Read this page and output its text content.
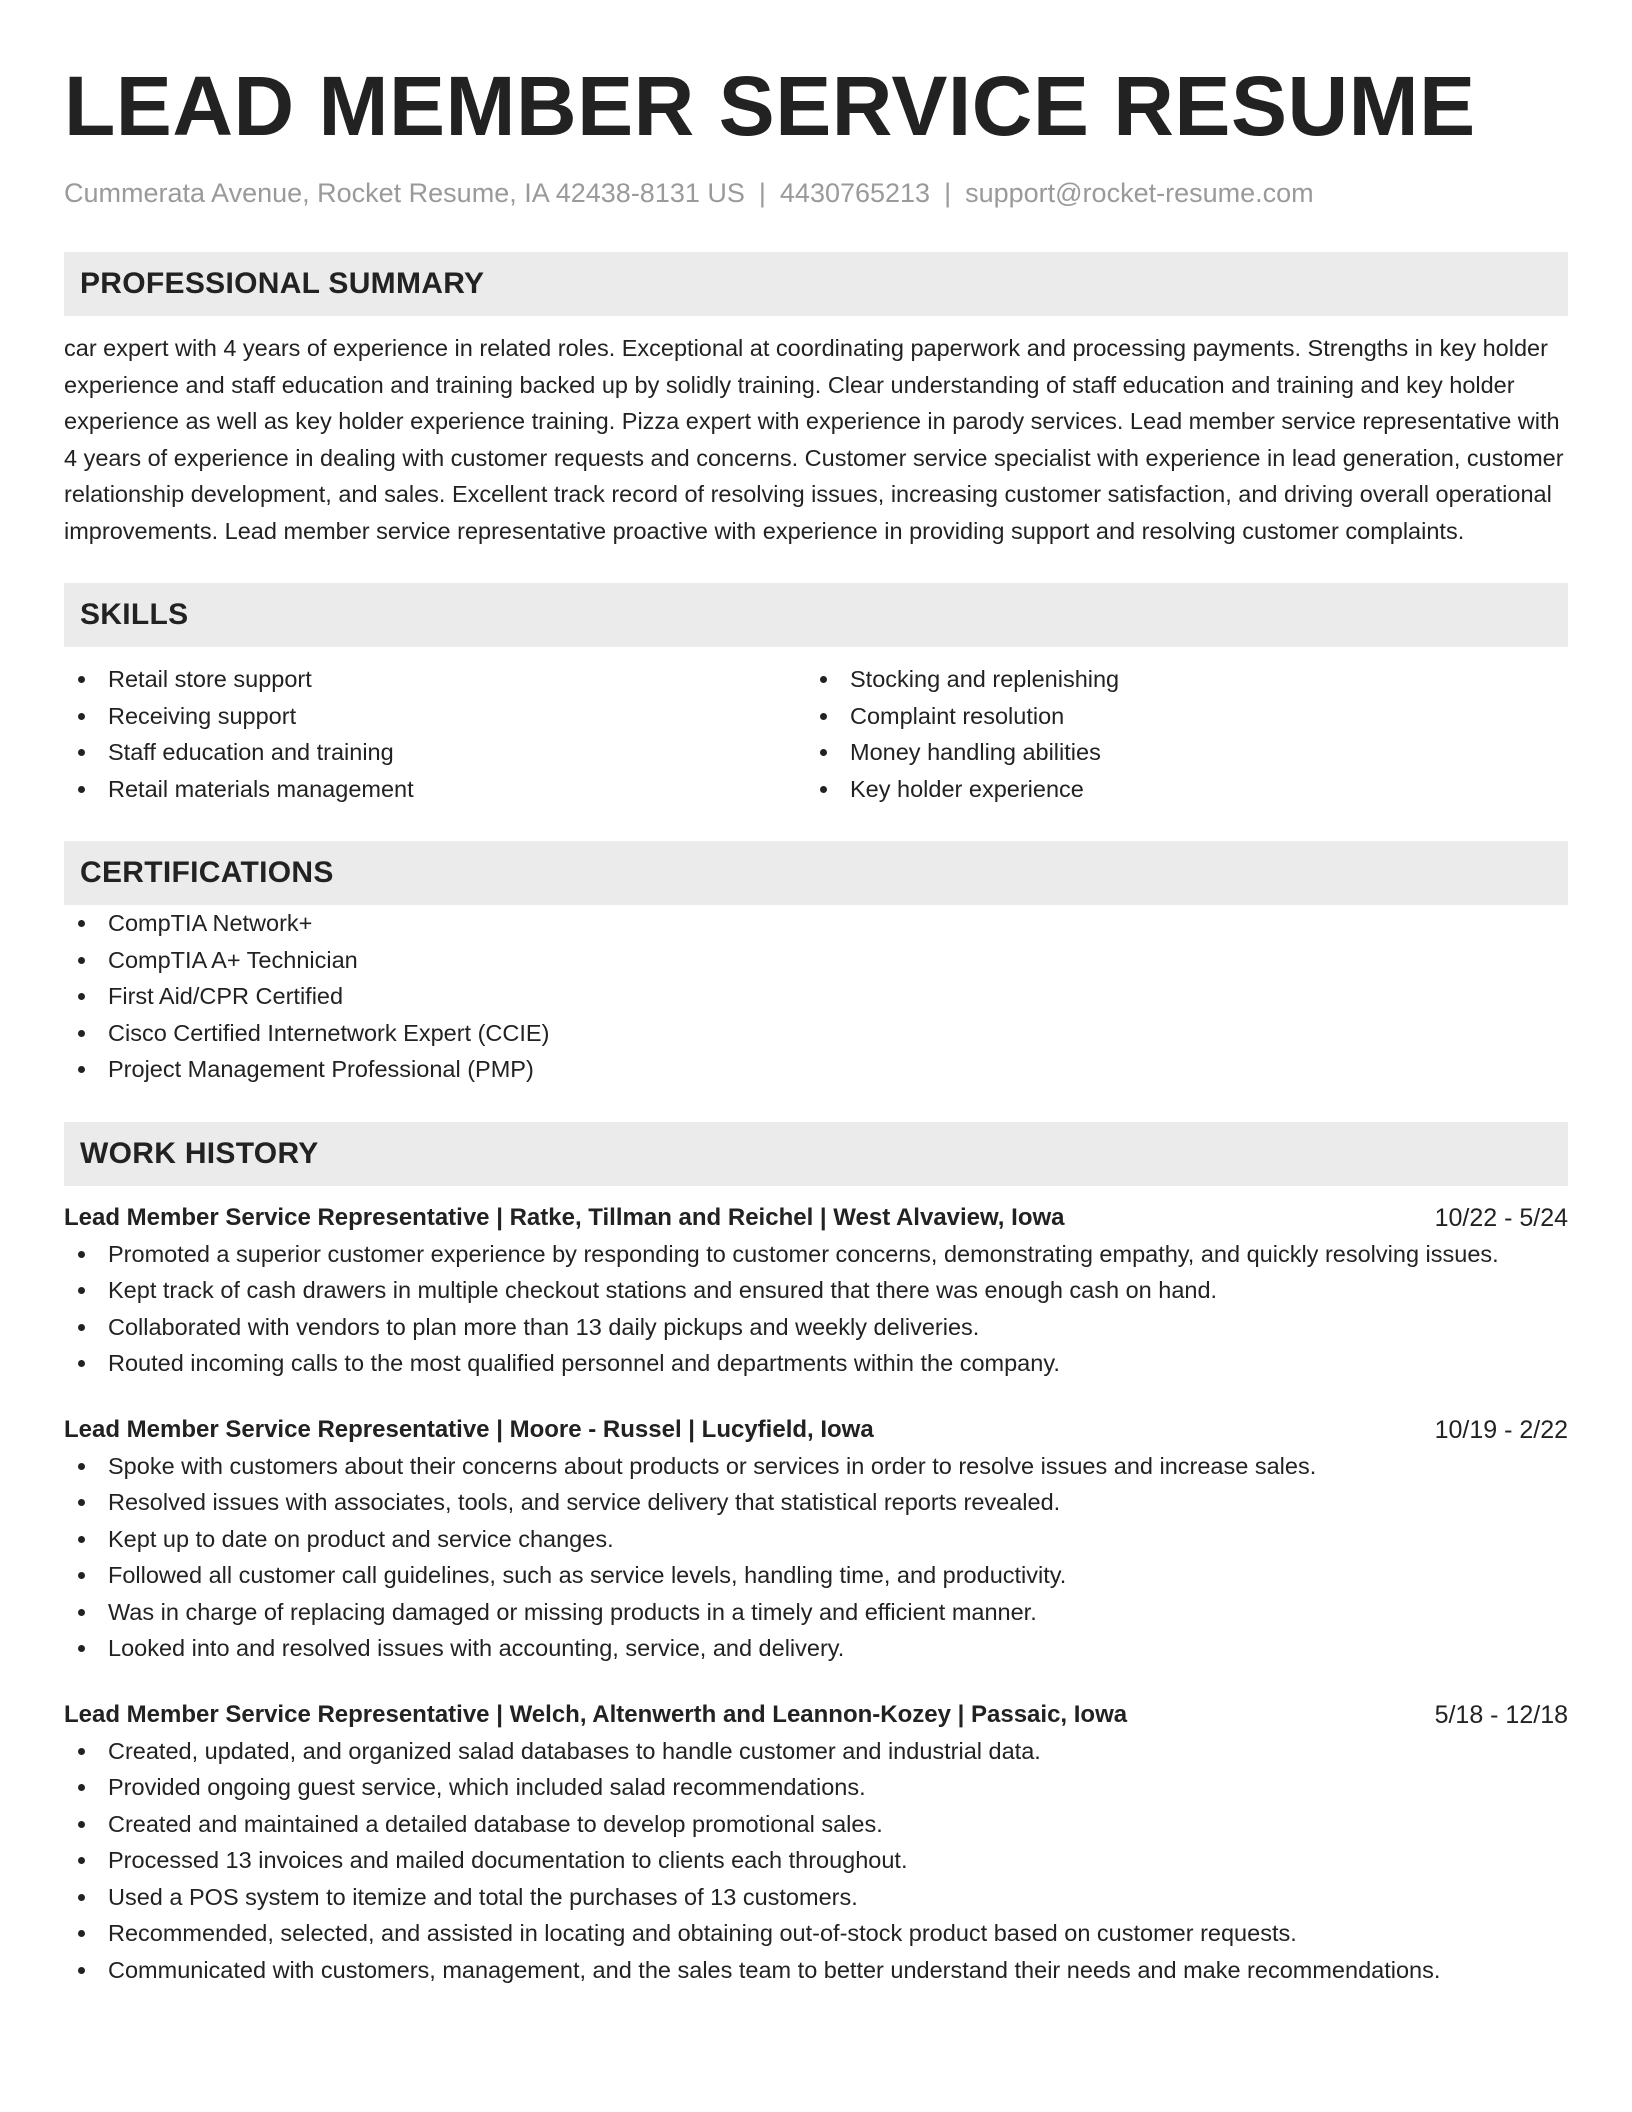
LEAD MEMBER SERVICE RESUME
Cummerata Avenue, Rocket Resume, IA 42438-8131 US | 4430765213 | support@rocket-resume.com
PROFESSIONAL SUMMARY

car expert with 4 years of experience in related roles. Exceptional at coordinating paperwork and processing payments. Strengths in key holder experience and staff education and training backed up by solidly training. Clear understanding of staff education and training and key holder experience as well as key holder experience training. Pizza expert with experience in parody services. Lead member service representative with 4 years of experience in dealing with customer requests and concerns. Customer service specialist with experience in lead generation, customer relationship development, and sales. Excellent track record of resolving issues, increasing customer satisfaction, and driving overall operational improvements. Lead member service representative proactive with experience in providing support and resolving customer complaints.

SKILLS
Retail store support
Receiving support
Staff education and training
Retail materials management
Stocking and replenishing
Complaint resolution
Money handling abilities
Key holder experience
CERTIFICATIONS
CompTIA Network+
CompTIA A+ Technician
First Aid/CPR Certified
Cisco Certified Internetwork Expert (CCIE)
Project Management Professional (PMP)
WORK HISTORY
Lead Member Service Representative | Ratke, Tillman and Reichel | West Alvaview, Iowa	10/22 - 5/24
Promoted a superior customer experience by responding to customer concerns, demonstrating empathy, and quickly resolving issues.
Kept track of cash drawers in multiple checkout stations and ensured that there was enough cash on hand.
Collaborated with vendors to plan more than 13 daily pickups and weekly deliveries.
Routed incoming calls to the most qualified personnel and departments within the company.
Lead Member Service Representative | Moore - Russel | Lucyfield, Iowa	10/19 - 2/22
Spoke with customers about their concerns about products or services in order to resolve issues and increase sales.
Resolved issues with associates, tools, and service delivery that statistical reports revealed.
Kept up to date on product and service changes.
Followed all customer call guidelines, such as service levels, handling time, and productivity.
Was in charge of replacing damaged or missing products in a timely and efficient manner.
Looked into and resolved issues with accounting, service, and delivery.
Lead Member Service Representative | Welch, Altenwerth and Leannon-Kozey | Passaic, Iowa	5/18 - 12/18
Created, updated, and organized salad databases to handle customer and industrial data.
Provided ongoing guest service, which included salad recommendations.
Created and maintained a detailed database to develop promotional sales.
Processed 13 invoices and mailed documentation to clients each throughout.
Used a POS system to itemize and total the purchases of 13 customers.
Recommended, selected, and assisted in locating and obtaining out-of-stock product based on customer requests.
Communicated with customers, management, and the sales team to better understand their needs and make recommendations.
